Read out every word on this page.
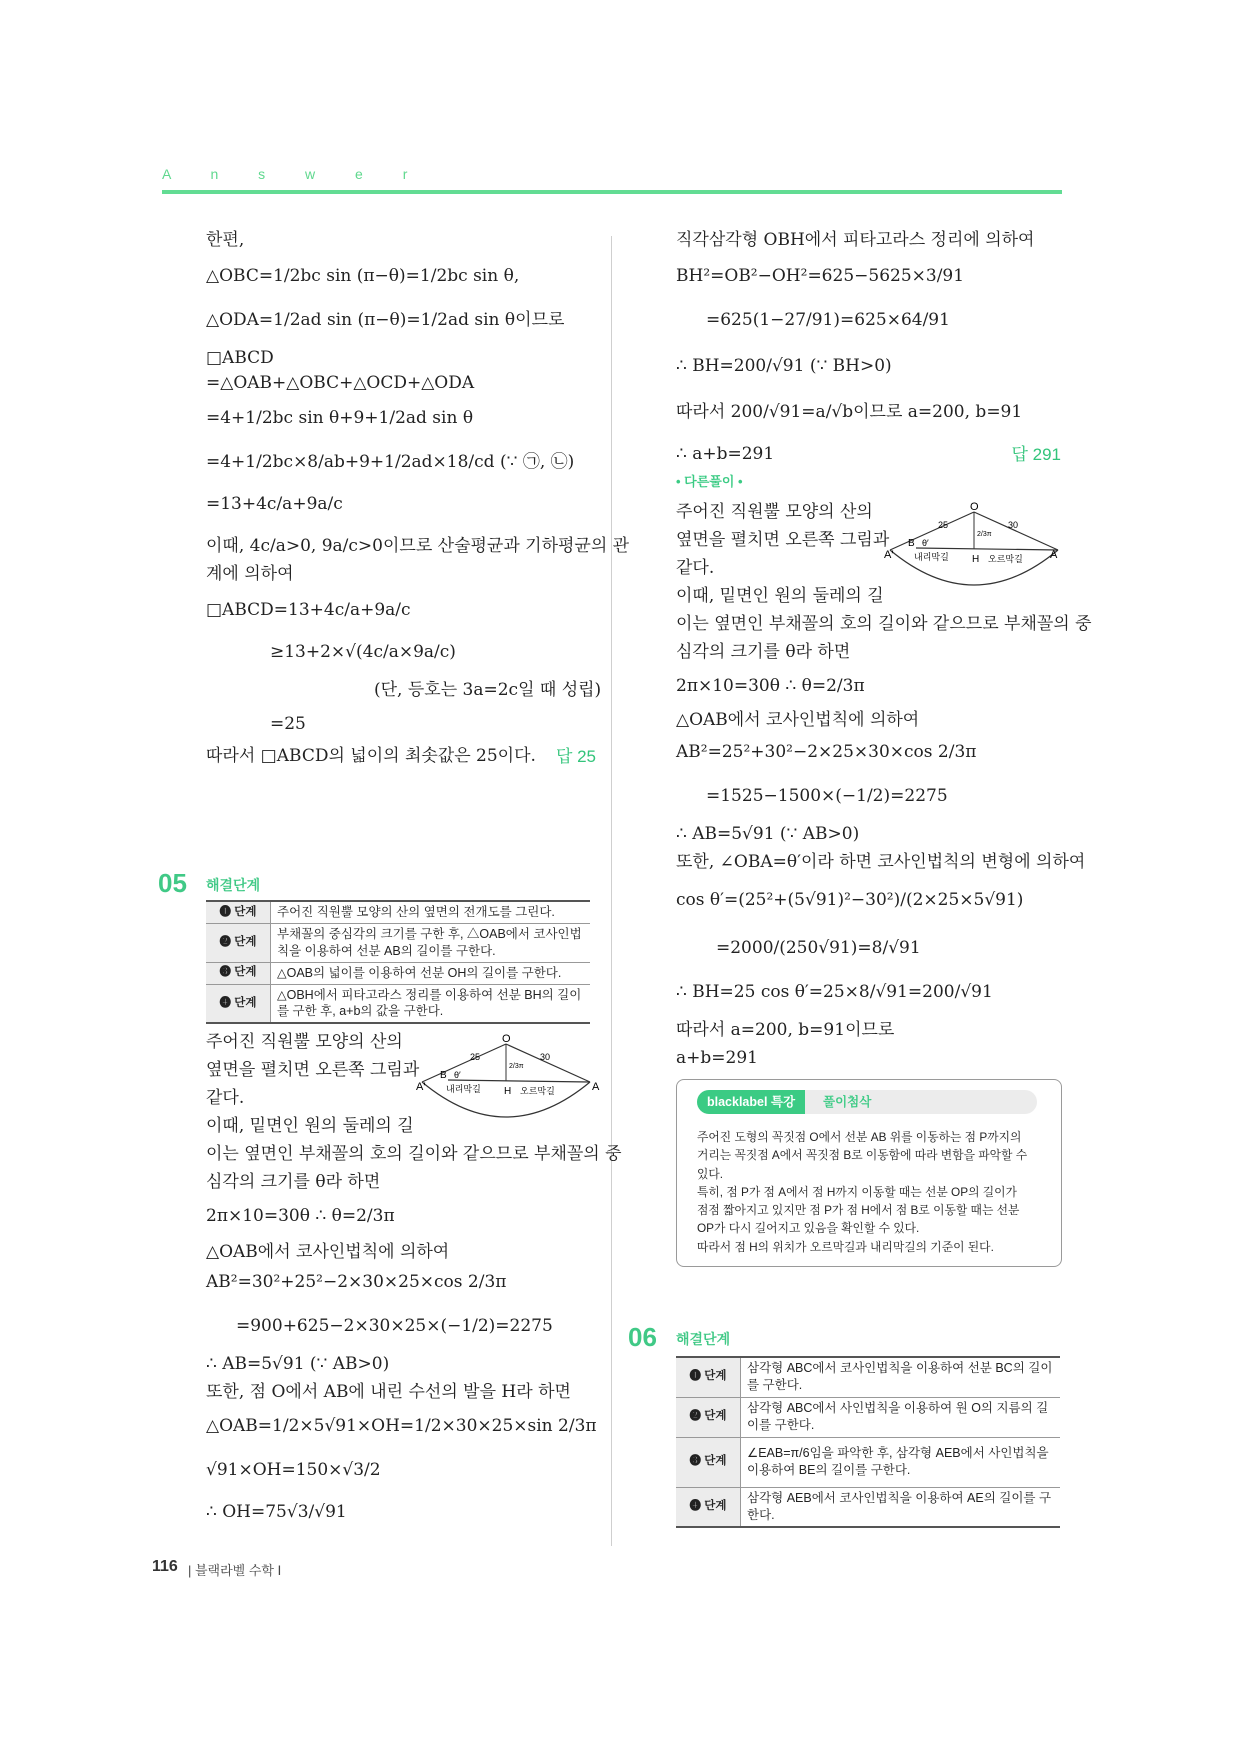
A n s w e r
한편,
△OBC=1/2bc sin (π−θ)=1/2bc sin θ,
△ODA=1/2ad sin (π−θ)=1/2ad sin θ이므로
□ABCD
=△OAB+△OBC+△OCD+△ODA
=4+1/2bc sin θ+9+1/2ad sin θ
=4+1/2bc×8/ab+9+1/2ad×18/cd (∵ ㉠, ㉡)
=13+4c/a+9a/c
이때, 4c/a>0, 9a/c>0이므로 산술평균과 기하평균의 관
계에 의하여
□ABCD=13+4c/a+9a/c
≥13+2×√(4c/a×9a/c)
(단, 등호는 3a=2c일 때 성립)
=25
따라서 □ABCD의 넓이의 최솟값은 25이다. 답 25
05 해결단계
❶ 단계	주어진 직원뿔 모양의 산의 옆면의 전개도를 그린다.
❷ 단계	부채꼴의 중심각의 크기를 구한 후, △OAB에서 코사인법칙을 이용하여 선분 AB의 길이를 구한다.
❸ 단계	△OAB의 넓이를 이용하여 선분 OH의 길이를 구한다.
❹ 단계	△OBH에서 피타고라스 정리를 이용하여 선분 BH의 길이를 구한 후, a+b의 값을 구한다.
주어진 직원뿔 모양의 산의
옆면을 펼치면 오른쪽 그림과
같다.
이때, 밑면인 원의 둘레의 길
이는 옆면인 부채꼴의 호의 길이와 같으므로 부채꼴의 중
심각의 크기를 θ라 하면
2π×10=30θ ∴ θ=2/3π
△OAB에서 코사인법칙에 의하여
AB²=30²+25²−2×30×25×cos 2/3π
=900+625−2×30×25×(−1/2)=2275
∴ AB=5√91 (∵ AB>0)
또한, 점 O에서 AB에 내린 수선의 발을 H라 하면
△OAB=1/2×5√91×OH=1/2×30×25×sin 2/3π
√91×OH=150×√3/2
∴ OH=75√3/√91
O
A′	A
B
H
25	30
θ′
2/3π
내리막길	오르막길
직각삼각형 OBH에서 피타고라스 정리에 의하여
BH²=OB²−OH²=625−5625×3/91
=625(1−27/91)=625×64/91
∴ BH=200/√91 (∵ BH>0)
따라서 200/√91=a/√b이므로 a=200, b=91
∴ a+b=291	답 291
• 다른풀이 •
주어진 직원뿔 모양의 산의
옆면을 펼치면 오른쪽 그림과
같다.
이때, 밑면인 원의 둘레의 길
이는 옆면인 부채꼴의 호의 길이와 같으므로 부채꼴의 중
심각의 크기를 θ라 하면
2π×10=30θ ∴ θ=2/3π
△OAB에서 코사인법칙에 의하여
AB²=25²+30²−2×25×30×cos 2/3π
=1525−1500×(−1/2)=2275
∴ AB=5√91 (∵ AB>0)
또한, ∠OBA=θ′이라 하면 코사인법칙의 변형에 의하여
cos θ′=(25²+(5√91)²−30²)/(2×25×5√91)
=2000/(250√91)=8/√91
∴ BH=25 cos θ′=25×8/√91=200/√91
따라서 a=200, b=91이므로
a+b=291
O
A′	A
B
H
25	30
θ′
2/3π
내리막길	오르막길
blacklabel 특강	풀이첨삭
주어진 도형의 꼭짓점 O에서 선분 AB 위를 이동하는 점 P까지의
거리는 꼭짓점 A에서 꼭짓점 B로 이동함에 따라 변함을 파악할 수
있다.
특히, 점 P가 점 A에서 점 H까지 이동할 때는 선분 OP의 길이가
점점 짧아지고 있지만 점 P가 점 H에서 점 B로 이동할 때는 선분
OP가 다시 길어지고 있음을 확인할 수 있다.
따라서 점 H의 위치가 오르막길과 내리막길의 기준이 된다.
06 해결단계
❶ 단계	삼각형 ABC에서 코사인법칙을 이용하여 선분 BC의 길이를 구한다.
❷ 단계	삼각형 ABC에서 사인법칙을 이용하여 원 O의 지름의 길이를 구한다.
❸ 단계	∠EAB=π/6임을 파악한 후, 삼각형 AEB에서 사인법칙을 이용하여 BE의 길이를 구한다.
❹ 단계	삼각형 AEB에서 코사인법칙을 이용하여 AE의 길이를 구한다.
116 | 블랙라벨 수학 Ⅰ
